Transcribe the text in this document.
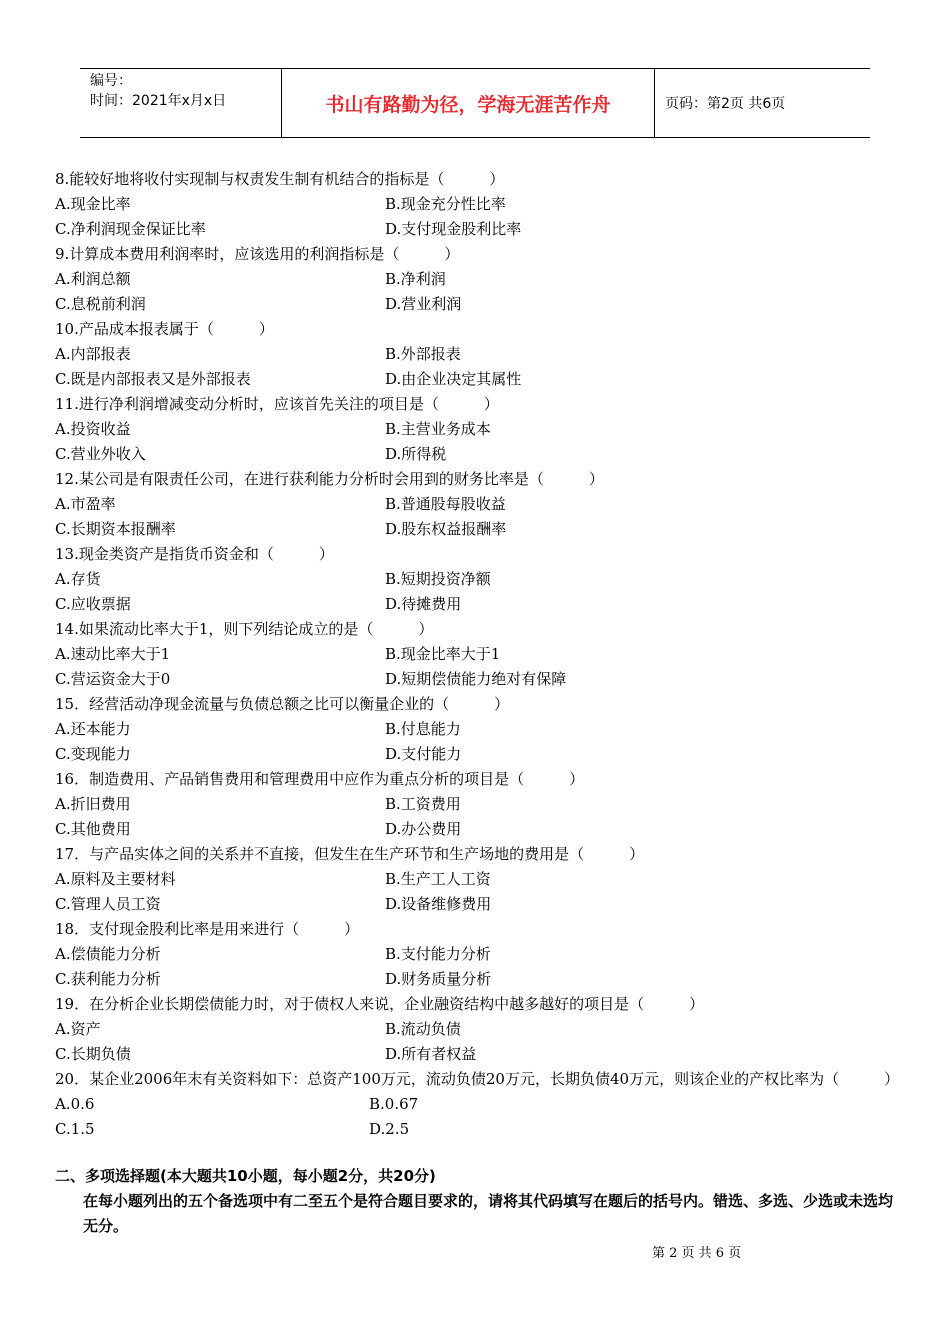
编号：
时间：2021年x月x日	书山有路勤为径，学海无涯苦作舟	页码：第2页 共6页
8.能较好地将收付实现制与权责发生制有机结合的指标是（　　　）
A.现金比率	B.现金充分性比率
C.净利润现金保证比率	D.支付现金股利比率
9.计算成本费用利润率时，应该选用的利润指标是（　　　）
A.利润总额	B.净利润
C.息税前利润	D.营业利润
10.产品成本报表属于（　　　）
A.内部报表	B.外部报表
C.既是内部报表又是外部报表	D.由企业决定其属性
11.进行净利润增减变动分析时，应该首先关注的项目是（　　　）
A.投资收益	B.主营业务成本
C.营业外收入	D.所得税
12.某公司是有限责任公司，在进行获利能力分析时会用到的财务比率是（　　　）
A.市盈率	B.普通股每股收益
C.长期资本报酬率	D.股东权益报酬率
13.现金类资产是指货币资金和（　　　）
A.存货	B.短期投资净额
C.应收票据	D.待摊费用
14.如果流动比率大于1，则下列结论成立的是（　　　）
A.速动比率大于1	B.现金比率大于1
C.营运资金大于0	D.短期偿债能力绝对有保障
15．经营活动净现金流量与负债总额之比可以衡量企业的（　　　）
A.还本能力	B.付息能力
C.变现能力	D.支付能力
16．制造费用、产品销售费用和管理费用中应作为重点分析的项目是（　　　）
A.折旧费用	B.工资费用
C.其他费用	D.办公费用
17．与产品实体之间的关系并不直接，但发生在生产环节和生产场地的费用是（　　　）
A.原料及主要材料	B.生产工人工资
C.管理人员工资	D.设备维修费用
18．支付现金股利比率是用来进行（　　　）
A.偿债能力分析	B.支付能力分析
C.获利能力分析	D.财务质量分析
19．在分析企业长期偿债能力时，对于债权人来说，企业融资结构中越多越好的项目是（　　　）
A.资产	B.流动负债
C.长期负债	D.所有者权益
20．某企业2006年末有关资料如下：总资产100万元，流动负债20万元，长期负债40万元，则该企业的产权比率为（　　　）
A.0.6	B.0.67
C.1.5	D.2.5
二、多项选择题(本大题共10小题，每小题2分，共20分)
在每小题列出的五个备选项中有二至五个是符合题目要求的，请将其代码填写在题后的括号内。错选、多选、少选或未选均无分。
第 2 页 共 6 页
